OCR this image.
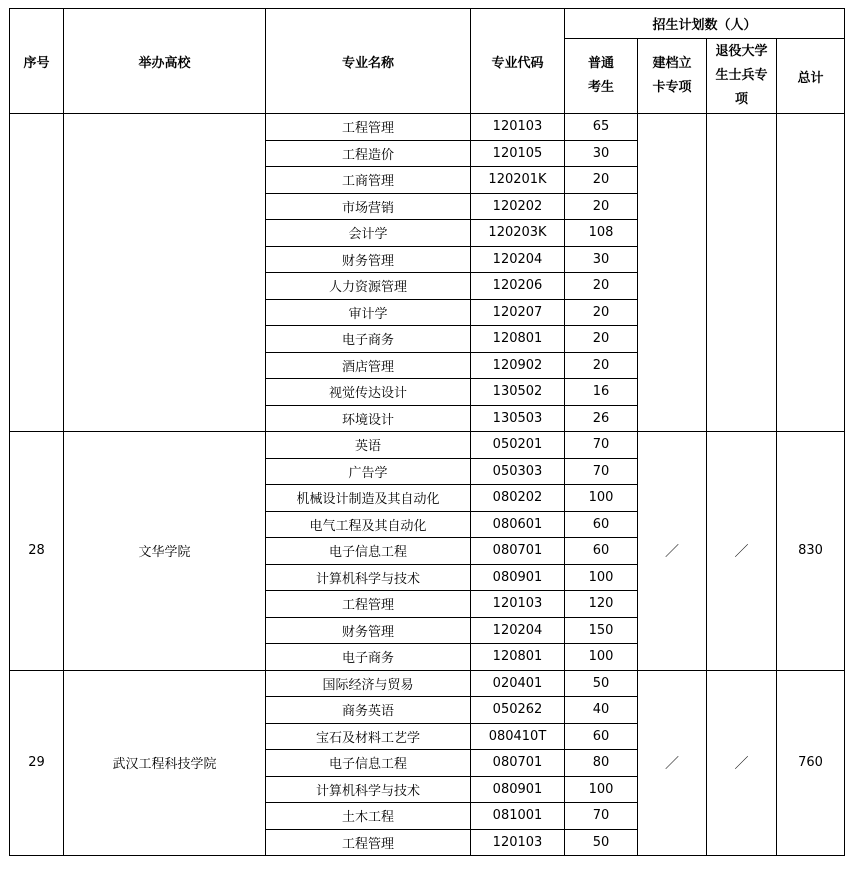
序号	举办高校	专业名称	专业代码	招生计划数（人）			
				普通考生	建档立卡专项	退役大学生士兵专项	总计
		工程管理	120103	65			
		工程造价	120105	30			
		工商管理	120201K	20			
		市场营销	120202	20			
		会计学	120203K	108			
		财务管理	120204	30			
		人力资源管理	120206	20			
		审计学	120207	20			
		电子商务	120801	20			
		酒店管理	120902	20			
		视觉传达设计	130502	16			
		环境设计	130503	26			
28	文华学院	英语	050201	70	／	／	830
		广告学	050303	70			
		机械设计制造及其自动化	080202	100			
		电气工程及其自动化	080601	60			
		电子信息工程	080701	60			
		计算机科学与技术	080901	100			
		工程管理	120103	120			
		财务管理	120204	150			
		电子商务	120801	100			
29	武汉工程科技学院	国际经济与贸易	020401	50	／	／	760
		商务英语	050262	40			
		宝石及材料工艺学	080410T	60			
		电子信息工程	080701	80			
		计算机科学与技术	080901	100			
		土木工程	081001	70			
		工程管理	120103	50			
